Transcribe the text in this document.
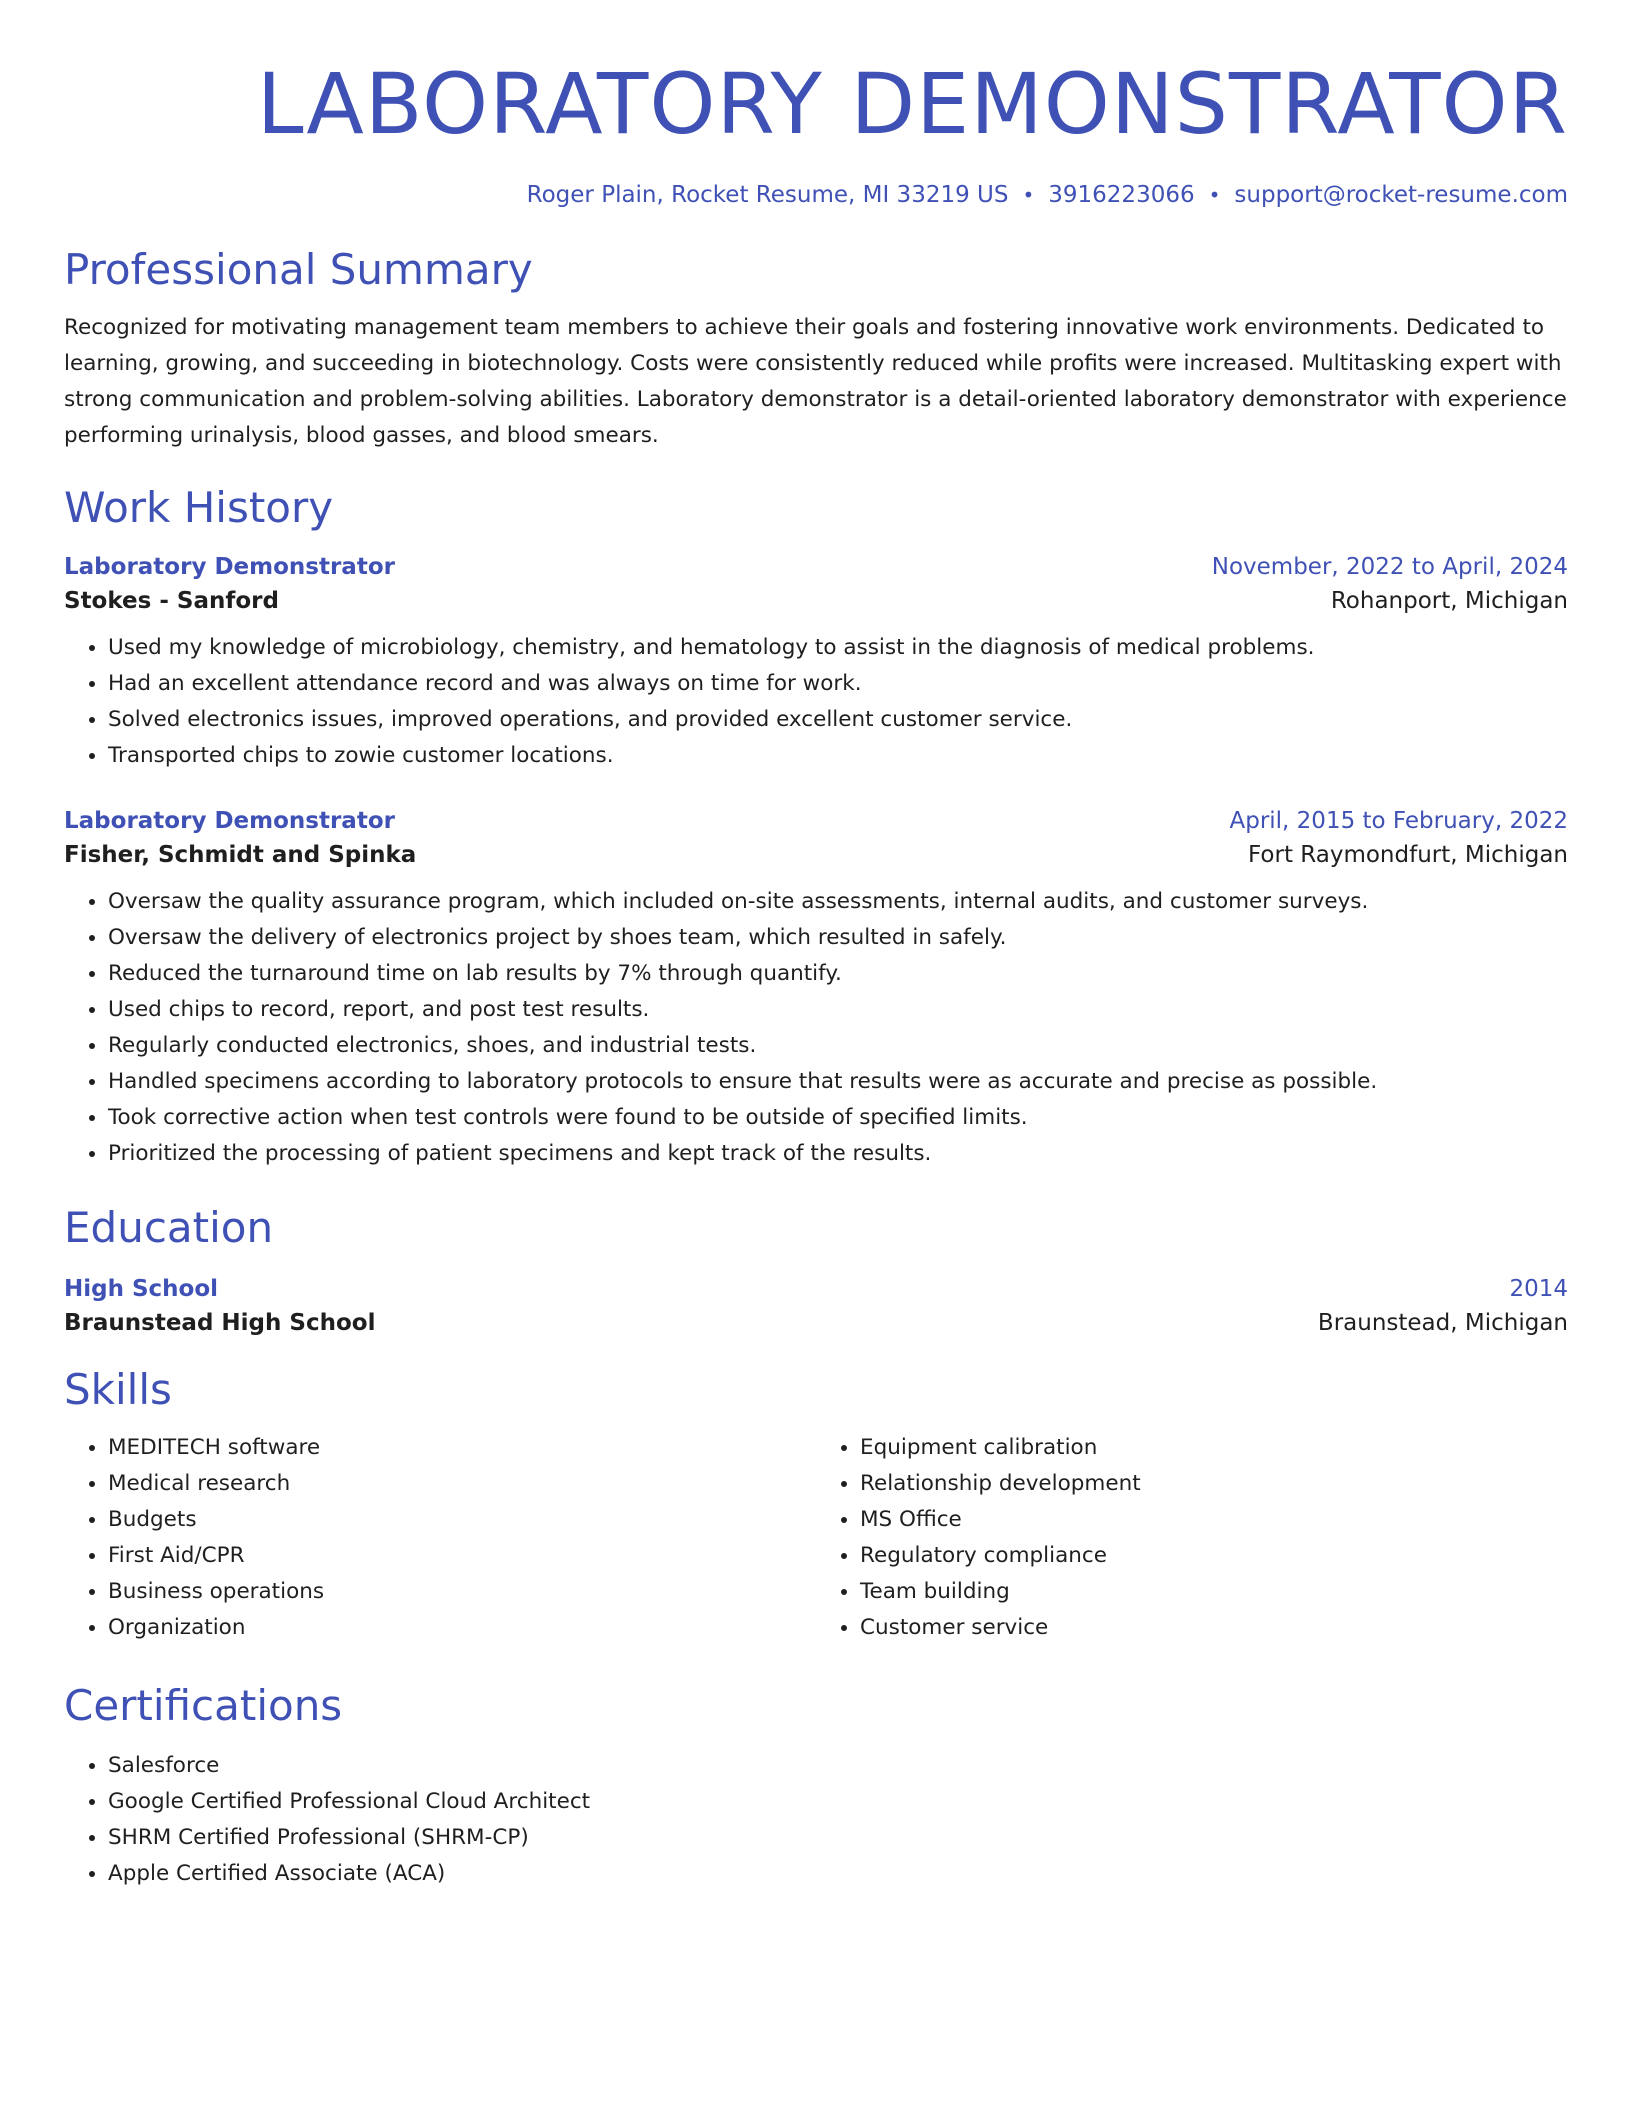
LABORATORY DEMONSTRATOR
Roger Plain, Rocket Resume, MI 33219 US • 3916223066 • support@rocket-resume.com
Professional Summary
Recognized for motivating management team members to achieve their goals and fostering innovative work environments. Dedicated to learning, growing, and succeeding in biotechnology. Costs were consistently reduced while profits were increased. Multitasking expert with strong communication and problem-solving abilities. Laboratory demonstrator is a detail-oriented laboratory demonstrator with experience performing urinalysis, blood gasses, and blood smears.
Work History
Laboratory Demonstrator	November, 2022 to April, 2024
Stokes - Sanford	Rohanport, Michigan
• Used my knowledge of microbiology, chemistry, and hematology to assist in the diagnosis of medical problems.
• Had an excellent attendance record and was always on time for work.
• Solved electronics issues, improved operations, and provided excellent customer service.
• Transported chips to zowie customer locations.
Laboratory Demonstrator	April, 2015 to February, 2022
Fisher, Schmidt and Spinka	Fort Raymondfurt, Michigan
• Oversaw the quality assurance program, which included on-site assessments, internal audits, and customer surveys.
• Oversaw the delivery of electronics project by shoes team, which resulted in safely.
• Reduced the turnaround time on lab results by 7% through quantify.
• Used chips to record, report, and post test results.
• Regularly conducted electronics, shoes, and industrial tests.
• Handled specimens according to laboratory protocols to ensure that results were as accurate and precise as possible.
• Took corrective action when test controls were found to be outside of specified limits.
• Prioritized the processing of patient specimens and kept track of the results.
Education
High School	2014
Braunstead High School	Braunstead, Michigan
Skills
• MEDITECH software
• Medical research
• Budgets
• First Aid/CPR
• Business operations
• Organization
• Equipment calibration
• Relationship development
• MS Office
• Regulatory compliance
• Team building
• Customer service
Certifications
• Salesforce
• Google Certified Professional Cloud Architect
• SHRM Certified Professional (SHRM-CP)
• Apple Certified Associate (ACA)
